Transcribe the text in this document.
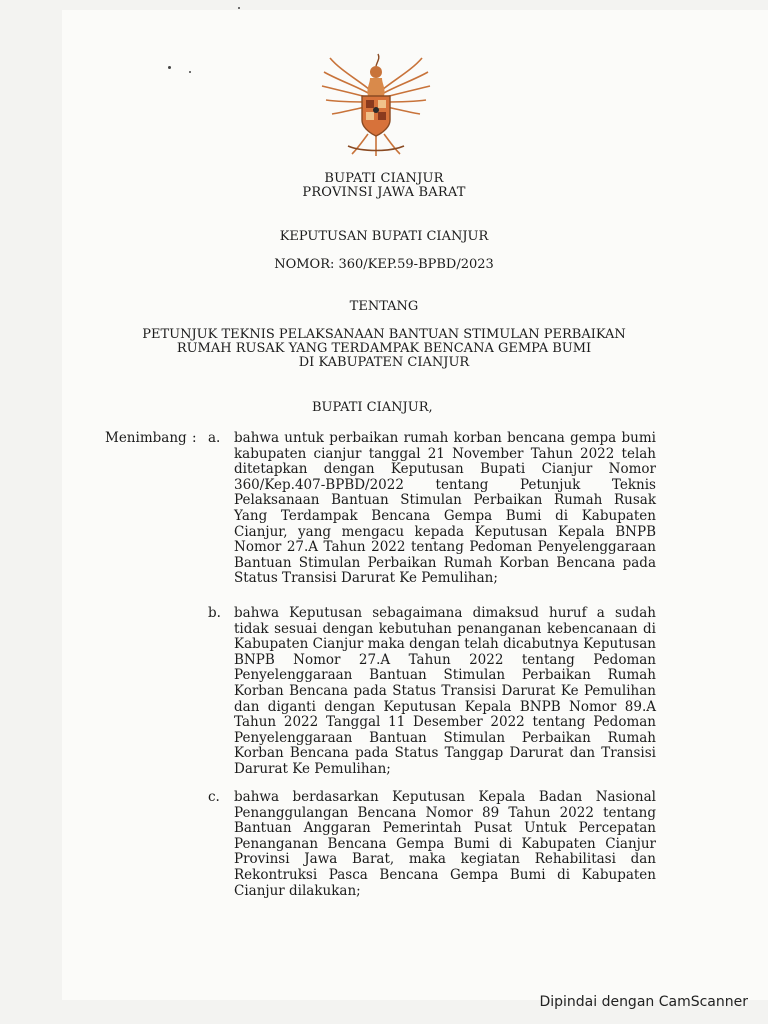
BUPATI CIANJUR
PROVINSI JAWA BARAT
KEPUTUSAN BUPATI CIANJUR
NOMOR: 360/KEP.59-BPBD/2023
TENTANG
PETUNJUK TEKNIS PELAKSANAAN BANTUAN STIMULAN PERBAIKAN
RUMAH RUSAK YANG TERDAMPAK BENCANA GEMPA BUMI
DI KABUPATEN CIANJUR
BUPATI CIANJUR,
Menimbang : a. bahwa untuk perbaikan rumah korban bencana gempa bumi kabupaten cianjur tanggal 21 November Tahun 2022 telah ditetapkan dengan Keputusan Bupati Cianjur Nomor 360/Kep.407-BPBD/2022 tentang Petunjuk Teknis Pelaksanaan Bantuan Stimulan Perbaikan Rumah Rusak Yang Terdampak Bencana Gempa Bumi di Kabupaten Cianjur, yang mengacu kepada Keputusan Kepala BNPB Nomor 27.A Tahun 2022 tentang Pedoman Penyelenggaraan Bantuan Stimulan Perbaikan Rumah Korban Bencana pada Status Transisi Darurat Ke Pemulihan;
b. bahwa Keputusan sebagaimana dimaksud huruf a sudah tidak sesuai dengan kebutuhan penanganan kebencanaan di Kabupaten Cianjur maka dengan telah dicabutnya Keputusan BNPB Nomor 27.A Tahun 2022 tentang Pedoman Penyelenggaraan Bantuan Stimulan Perbaikan Rumah Korban Bencana pada Status Transisi Darurat Ke Pemulihan dan diganti dengan Keputusan Kepala BNPB Nomor 89.A Tahun 2022 Tanggal 11 Desember 2022 tentang Pedoman Penyelenggaraan Bantuan Stimulan Perbaikan Rumah Korban Bencana pada Status Tanggap Darurat dan Transisi Darurat Ke Pemulihan;
c. bahwa berdasarkan Keputusan Kepala Badan Nasional Penanggulangan Bencana Nomor 89 Tahun 2022 tentang Bantuan Anggaran Pemerintah Pusat Untuk Percepatan Penanganan Bencana Gempa Bumi di Kabupaten Cianjur Provinsi Jawa Barat, maka kegiatan Rehabilitasi dan Rekontruksi Pasca Bencana Gempa Bumi di Kabupaten Cianjur dilakukan;
Dipindai dengan CamScanner
